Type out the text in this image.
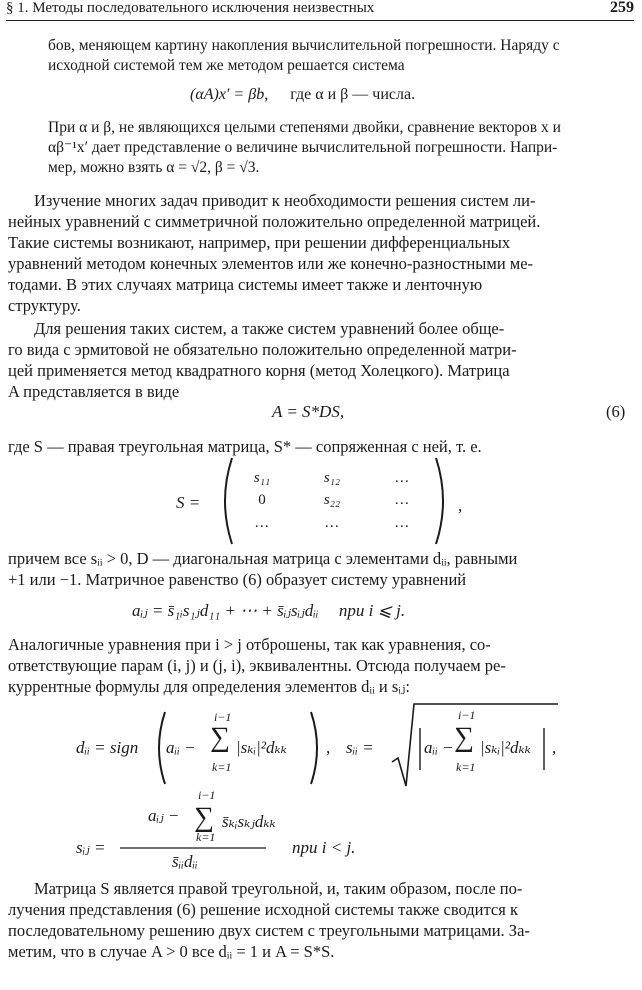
§ 1. Методы последовательного исключения неизвестных	259
бов, меняющем картину накопления вычислительной погрешности. Наряду с
исходной системой тем же методом решается система
(αA)x′ = βb, где α и β — числа.
При α и β, не являющихся целыми степенями двойки, сравнение векторов x и
αβ⁻¹x′ дает представление о величине вычислительной погрешности. Напри-
мер, можно взять α = √2, β = √3.
Изучение многих задач приводит к необходимости решения систем ли-
нейных уравнений с симметричной положительно определенной матрицей.
Такие системы возникают, например, при решении дифференциальных
уравнений методом конечных элементов или же конечно-разностными ме-
тодами. В этих случаях матрица системы имеет также и ленточную
структуру.
Для решения таких систем, а также систем уравнений более обще-
го вида с эрмитовой не обязательно положительно определенной матри-
цей применяется метод квадратного корня (метод Холецкого). Матрица
A представляется в виде
A = S*DS,	(6)
где S — правая треугольная матрица, S* — сопряженная с ней, т. е.
S =
s₁₁	s₁₂	…
0	s₂₂	…
…	…	…
,
причем все sᵢᵢ > 0, D — диагональная матрица с элементами dᵢᵢ, равными
+1 или −1. Матричное равенство (6) образует систему уравнений
aᵢⱼ = s̄₁ᵢs₁ⱼd₁₁ + ⋯ + s̄ᵢⱼsᵢⱼdᵢᵢ при i ⩽ j.
Аналогичные уравнения при i > j отброшены, так как уравнения, со-
ответствующие парам (i, j) и (j, i), эквивалентны. Отсюда получаем ре-
куррентные формулы для определения элементов dᵢᵢ и sᵢⱼ:
dᵢᵢ = sign aᵢᵢ −
i−1
∑
k=1
|sₖᵢ|²dₖₖ , sᵢᵢ =	aᵢᵢ −
i−1
∑
k=1
|sₖᵢ|²dₖₖ ,
sᵢⱼ =
aᵢⱼ −
i−1
∑
k=1
s̄ₖᵢsₖⱼdₖₖ
s̄ᵢᵢdᵢᵢ
при i < j.
Матрица S является правой треугольной, и, таким образом, после по-
лучения представления (6) решение исходной системы также сводится к
последовательному решению двух систем с треугольными матрицами. За-
метим, что в случае A > 0 все dᵢᵢ = 1 и A = S*S.
